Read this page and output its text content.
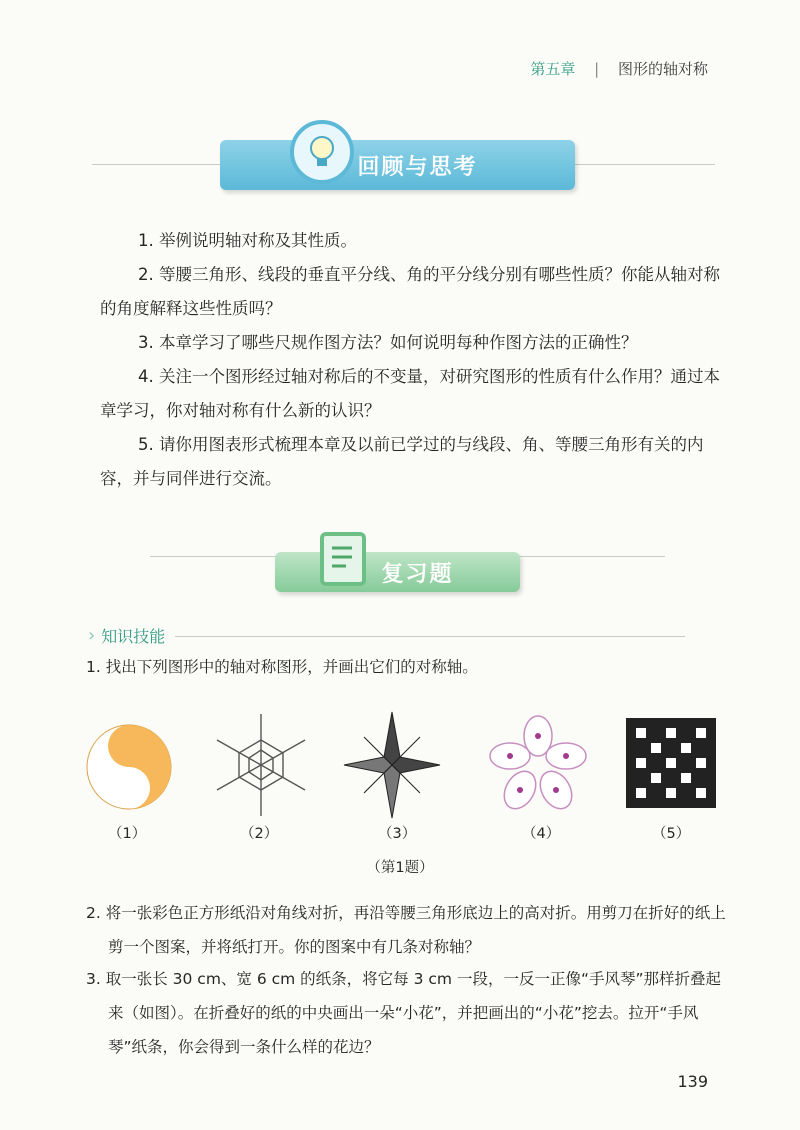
第五章 | 图形的轴对称
回顾与思考

1. 举例说明轴对称及其性质。

2. 等腰三角形、线段的垂直平分线、角的平分线分别有哪些性质？你能从轴对称的角度解释这些性质吗？

3. 本章学习了哪些尺规作图方法？如何说明每种作图方法的正确性？

4. 关注一个图形经过轴对称后的不变量，对研究图形的性质有什么作用？通过本章学习，你对轴对称有什么新的认识？

5. 请你用图表形式梳理本章及以前已学过的与线段、角、等腰三角形有关的内容，并与同伴进行交流。

复习题
› 知识技能

1. 找出下列图形中的轴对称图形，并画出它们的对称轴。

（1）	（2）	（3）	（4）	（5）
（第1题）

2. 将一张彩色正方形纸沿对角线对折，再沿等腰三角形底边上的高对折。用剪刀在折好的纸上剪一个图案，并将纸打开。你的图案中有几条对称轴？

3. 取一张长 30 cm、宽 6 cm 的纸条，将它每 3 cm 一段，一反一正像“手风琴”那样折叠起来（如图）。在折叠好的纸的中央画出一朵“小花”，并把画出的“小花”挖去。拉开“手风琴”纸条，你会得到一条什么样的花边？

139
